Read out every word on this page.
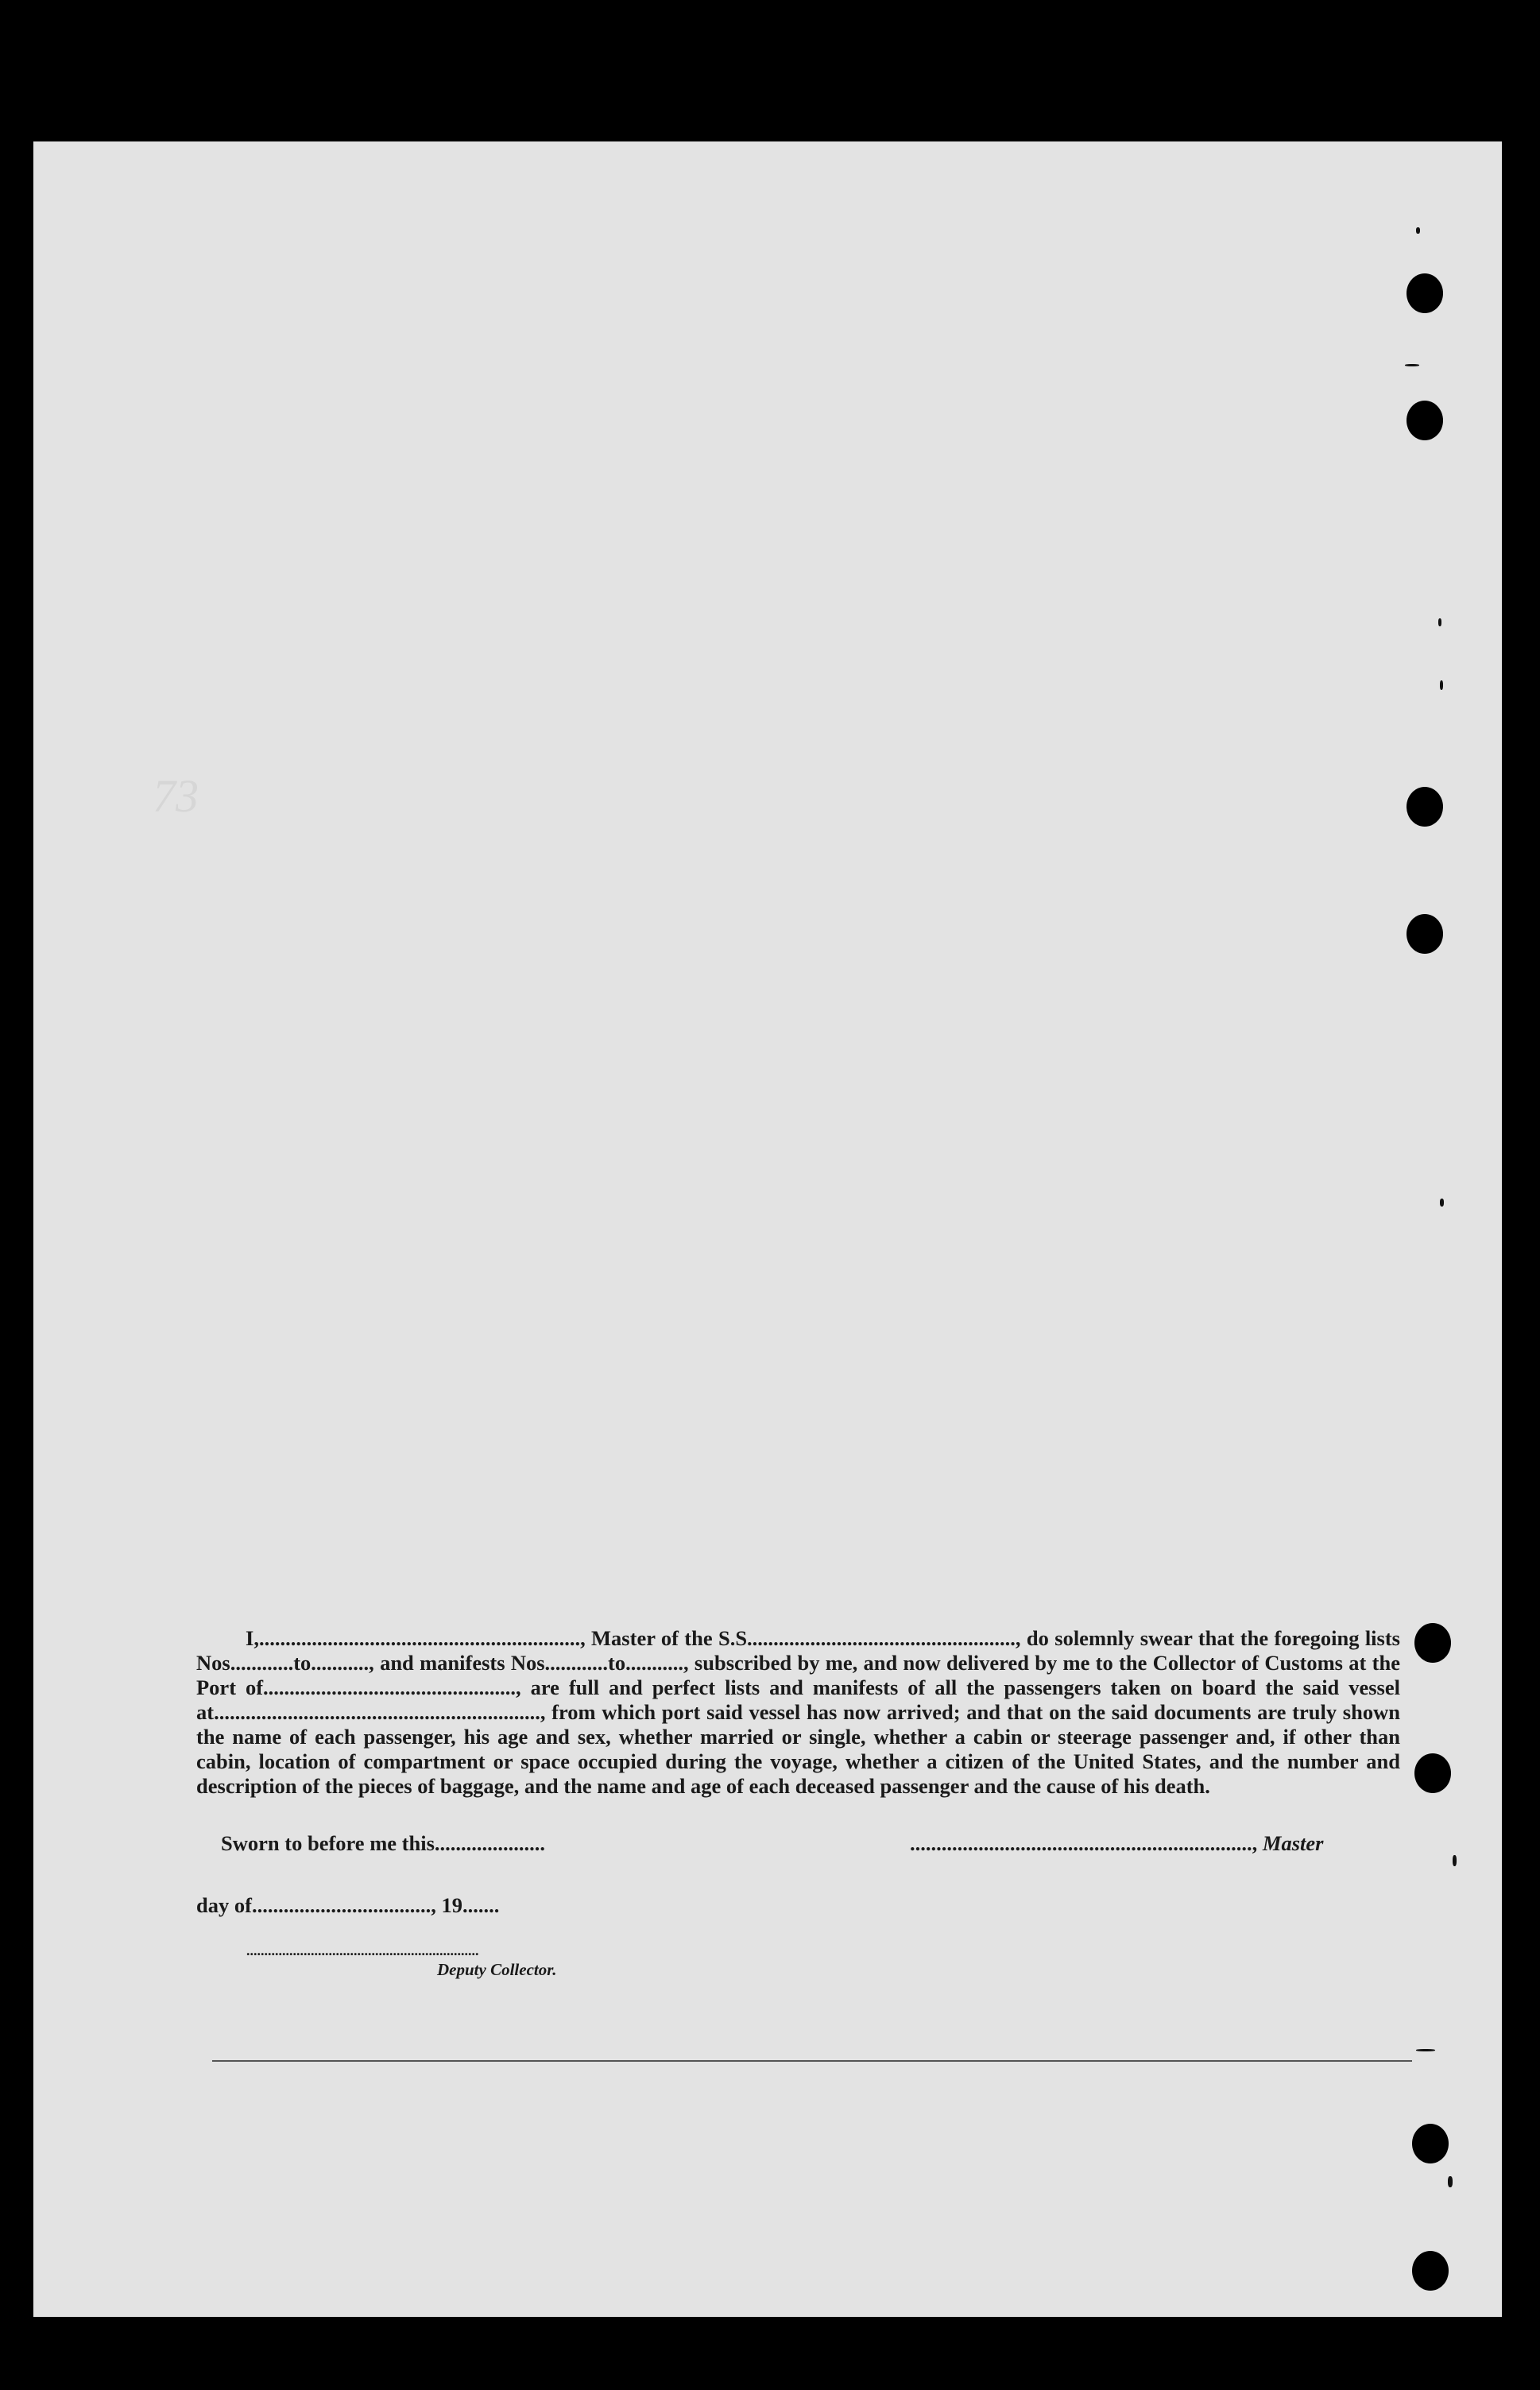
73

I,............................................................., Master of the S.S..................................................., do solemnly swear that the foregoing lists Nos............to..........., and manifests Nos............to..........., subscribed by me, and now delivered by me to the Collector of Customs at the Port of................................................, are full and perfect lists and manifests of all the passengers taken on board the said vessel at.............................................................., from which port said vessel has now arrived; and that on the said documents are truly shown the name of each passenger, his age and sex, whether married or single, whether a cabin or steerage passenger and, if other than cabin, location of compartment or space occupied during the voyage, whether a citizen of the United States, and the number and description of the pieces of baggage, and the name and age of each deceased passenger and the cause of his death.

Sworn to before me this.....................	................................................................., Master
day of.................................., 19.......
.................................................................
Deputy Collector.
